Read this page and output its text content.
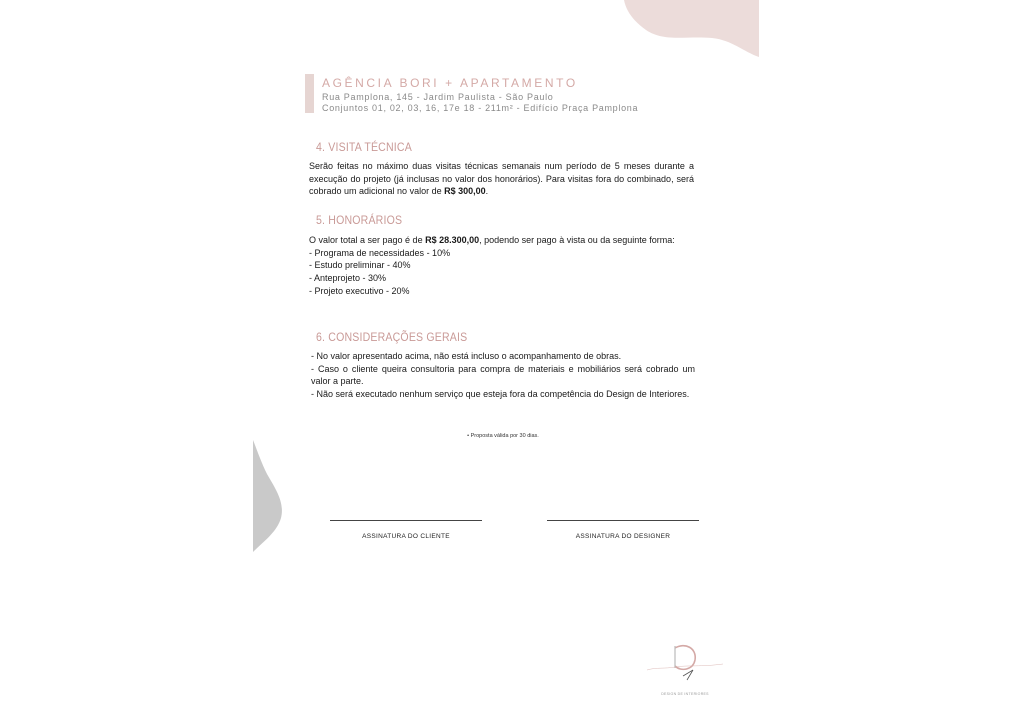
AGÊNCIA BORI + APARTAMENTO
Rua Pamplona, 145 - Jardim Paulista - São Paulo
Conjuntos 01, 02, 03, 16, 17e 18 - 211m² - Edifício Praça Pamplona
4. VISITA TÉCNICA
Serão feitas no máximo duas visitas técnicas semanais num período de 5 meses durante a execução do projeto (já inclusas no valor dos honorários). Para visitas fora do combinado, será cobrado um adicional no valor de R$ 300,00.
5. HONORÁRIOS
O valor total a ser pago é de R$ 28.300,00, podendo ser pago à vista ou da seguinte forma:
- Programa de necessidades - 10%
- Estudo preliminar - 40%
- Anteprojeto - 30%
- Projeto executivo - 20%
6. CONSIDERAÇÕES GERAIS
- No valor apresentado acima, não está incluso o acompanhamento de obras.
- Caso o cliente queira consultoria para compra de materiais e mobiliários será cobrado um valor a parte.
- Não será executado nenhum serviço que esteja fora da competência do Design de Interiores.
• Proposta válida por 30 dias.
ASSINATURA DO CLIENTE	ASSINATURA DO DESIGNER
DESIGN DE INTERIORES
